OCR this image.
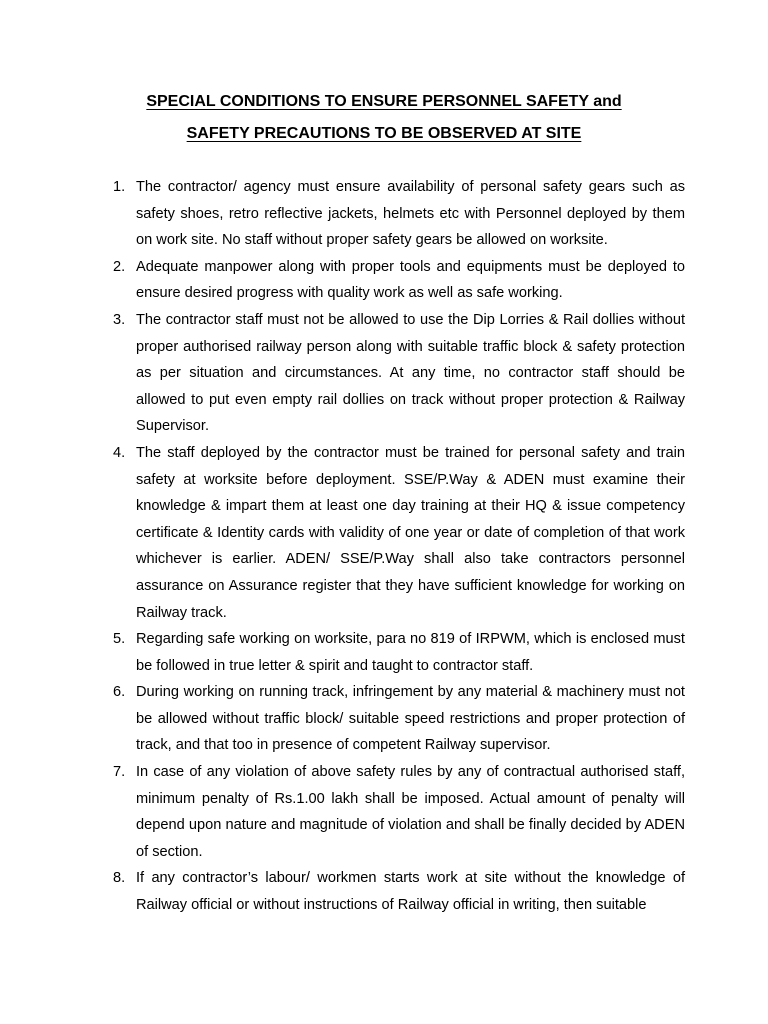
SPECIAL CONDITIONS TO ENSURE PERSONNEL SAFETY and
SAFETY PRECAUTIONS TO BE OBSERVED AT SITE
1. The contractor/ agency must ensure availability of personal safety gears such as safety shoes, retro reflective jackets, helmets etc with Personnel deployed by them on work site. No staff without proper safety gears be allowed on worksite.
2. Adequate manpower along with proper tools and equipments must be deployed to ensure desired progress with quality work as well as safe working.
3. The contractor staff must not be allowed to use the Dip Lorries & Rail dollies without proper authorised railway person along with suitable traffic block & safety protection as per situation and circumstances. At any time, no contractor staff should be allowed to put even empty rail dollies on track without proper protection & Railway Supervisor.
4. The staff deployed by the contractor must be trained for personal safety and train safety at worksite before deployment. SSE/P.Way & ADEN must examine their knowledge & impart them at least one day training at their HQ & issue competency certificate & Identity cards with validity of one year or date of completion of that work whichever is earlier. ADEN/ SSE/P.Way shall also take contractors personnel assurance on Assurance register that they have sufficient knowledge for working on Railway track.
5. Regarding safe working on worksite, para no 819 of IRPWM, which is enclosed must be followed in true letter & spirit and taught to contractor staff.
6. During working on running track, infringement by any material & machinery must not be allowed without traffic block/ suitable speed restrictions and proper protection of track, and that too in presence of competent Railway supervisor.
7. In case of any violation of above safety rules by any of contractual authorised staff, minimum penalty of Rs.1.00 lakh shall be imposed. Actual amount of penalty will depend upon nature and magnitude of violation and shall be finally decided by ADEN of section.
8. If any contractor’s labour/ workmen starts work at site without the knowledge of Railway official or without instructions of Railway official in writing, then suitable
